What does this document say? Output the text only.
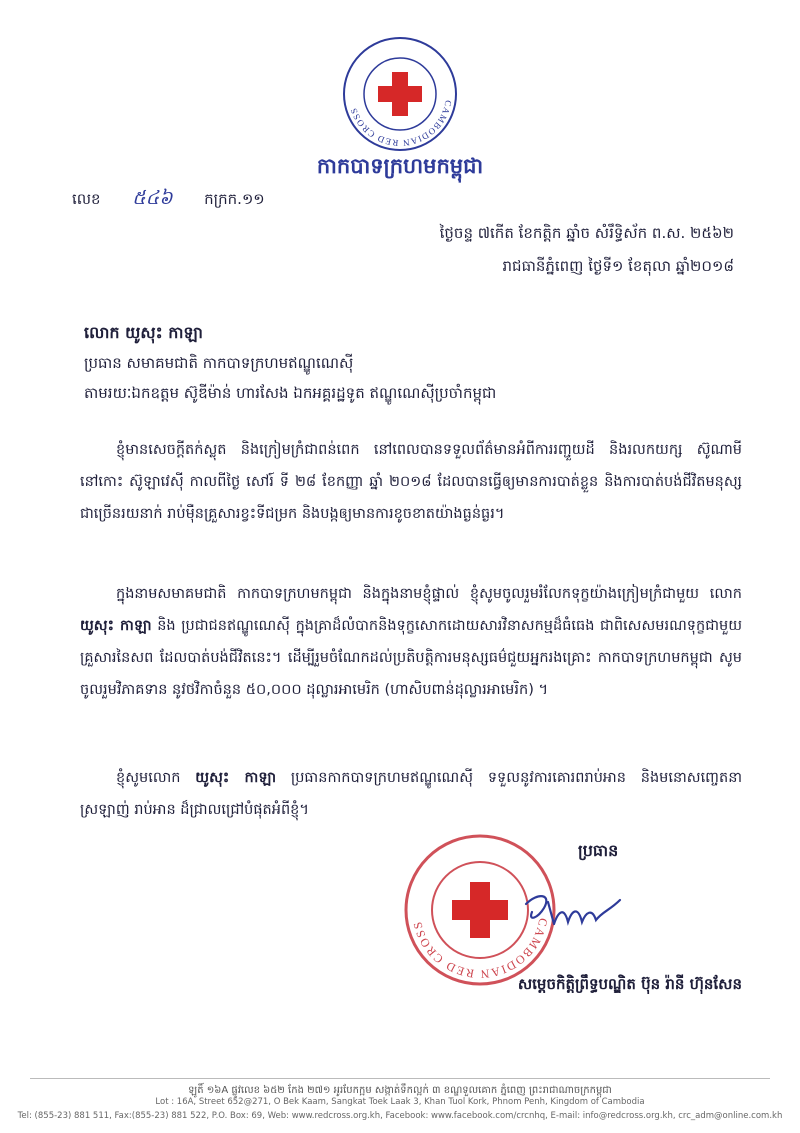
CAMBODIAN RED CROSS
កាកបាទក្រហមកម្ពុជា
លេខ ៥៤៦ កក្រក.១១
ថ្ងៃចន្ទ ៧កើត ខែកត្តិក ឆ្នាំច សំរឹទ្ធិស័ក ព.ស. ២៥៦២
រាជធានីភ្នំពេញ ថ្ងៃទី១ ខែតុលា ឆ្នាំ២០១៨
លោក យូសុះ កាឡា
ប្រធាន សមាគមជាតិ កាកបាទក្រហមឥណ្ឌូណេស៊ី
តាមរយៈឯកឧត្តម ស៊ូឌីម៉ាន់ ហារសែង ឯកអគ្គរដ្ឋទូត ឥណ្ឌូណេស៊ីប្រចាំកម្ពុជា
ខ្ញុំមានសេចក្តីតក់ស្លុត និងក្រៀមក្រំជាពន់ពេក នៅពេលបានទទួលព័ត៌មានអំពីការរញ្ជួយដី និងរលកយក្ស ស៊ូណាមី នៅកោះ ស៊ូឡាវេស៊ី កាលពីថ្ងៃ សៅរ៍ ទី ២៨ ខែកញ្ញា ឆ្នាំ ២០១៨ ដែលបានធ្វើឲ្យមានការបាត់ខ្លួន និងការបាត់បង់ជីវិតមនុស្សជាច្រើនរយនាក់ រាប់ម៉ឺនគ្រួសារខ្វះទីជម្រក និងបង្កឲ្យមានការខូចខាតយ៉ាងធ្ងន់ធ្ងរ។
ក្នុងនាមសមាគមជាតិ កាកបាទក្រហមកម្ពុជា និងក្នុងនាមខ្ញុំផ្ទាល់ ខ្ញុំសូមចូលរួមរំលែកទុក្ខយ៉ាងក្រៀមក្រំជាមួយ លោក យូសុះ កាឡា និង ប្រជាជនឥណ្ឌូណេស៊ី ក្នុងគ្រាដ៏លំបាកនិងទុក្ខសោកដោយសារវិនាសកម្មដ៏ធំធេង ជាពិសេសមរណទុក្ខជាមួយគ្រួសារនៃសព ដែលបាត់បង់ជីវិតនេះ។ ដើម្បីរួមចំណែកដល់ប្រតិបត្តិការមនុស្សធម៌ជួយអ្នករងគ្រោះ កាកបាទក្រហមកម្ពុជា សូមចូលរួមវិភាគទាន នូវថវិកាចំនួន ៥០,០០០ ដុល្លារអាមេរិក (ហាសិបពាន់ដុល្លារអាមេរិក) ។
ខ្ញុំសូមលោក យូសុះ កាឡា ប្រធានកាកបាទក្រហមឥណ្ឌូណេស៊ី ទទួលនូវការគោរពរាប់អាន និងមនោសញ្ចេតនា ស្រឡាញ់ រាប់អាន ដ៏ជ្រាលជ្រៅបំផុតអំពីខ្ញុំ។
CAMBODIAN RED CROSS
ប្រធាន
សម្តេចកិត្តិព្រឹទ្ធបណ្ឌិត ប៊ុន រ៉ានី ហ៊ុនសែន
ឡូតិ៍ ១៦A ផ្លូវលេខ ៦៥២ កែង ២៧១ អូរបែកក្អម សង្កាត់ទឹកល្អក់ ៣ ខណ្ឌទួលគោក ភ្នំពេញ ព្រះរាជាណាចក្រកម្ពុជា
Lot : 16A, Street 652@271, O Bek Kaam, Sangkat Toek Laak 3, Khan Tuol Kork, Phnom Penh, Kingdom of Cambodia
Tel: (855-23) 881 511, Fax:(855-23) 881 522, P.O. Box: 69, Web: www.redcross.org.kh, Facebook: www.facebook.com/crcnhq, E-mail: info@redcross.org.kh, crc_adm@online.com.kh
